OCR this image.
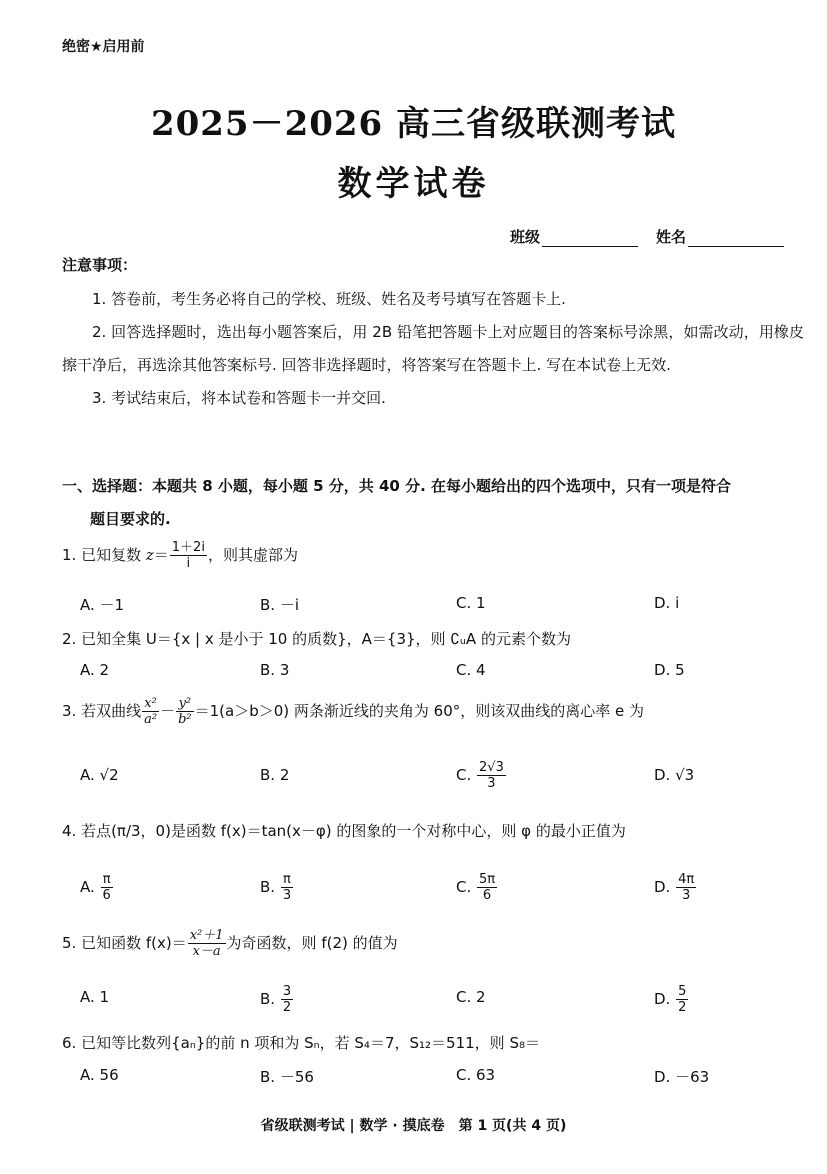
绝密★启用前
2025－2026 高三省级联测考试
数学试卷
班级	姓名
注意事项：

1. 答卷前，考生务必将自己的学校、班级、姓名及考号填写在答题卡上.

2. 回答选择题时，选出每小题答案后，用 2B 铅笔把答题卡上对应题目的答案标号涂黑，如需改动，用橡皮擦干净后，再选涂其他答案标号. 回答非选择题时，将答案写在答题卡上. 写在本试卷上无效.

3. 考试结束后，将本试卷和答题卡一并交回.

一、选择题：本题共 8 小题，每小题 5 分，共 40 分. 在每小题给出的四个选项中，只有一项是符合
题目要求的.
1. 已知复数 $z= \frac{1+2i}{i}$ ，则其虚部为
A. －1	B. －i	C. 1	D. i
2. 已知全集 U＝{x | x 是小于 10 的质数}，A＝{3}，则 ∁ᵤA 的元素个数为
A. 2	B. 3	C. 4	D. 5
3. 若双曲线 $\frac{\text{x²}}{\text{a²}} - \frac{\text{y²}}{\text{b²}} =1(a>b>0)$ 两条渐近线的夹角为 60°，则该双曲线的离心率 e 为
A. √2	B. 2	C. $\frac{2√3}{3}$	D. √3
4. 若点(π/3，0)是函数 f(x)＝tan(x－φ) 的图象的一个对称中心，则 φ 的最小正值为
A. $\frac{\pi}{6}$	B. $\frac{\pi}{3}$	C. $\frac{5\pi}{6}$	D. $\frac{4\pi}{3}$
5. 已知函数 $f(x)= \frac{\text{x²＋1}}{x-a}$ 为奇函数，则 f(2) 的值为
A. 1	B. $\frac{3}{2}$	C. 2	D. $\frac{5}{2}$
6. 已知等比数列{aₙ}的前 n 项和为 Sₙ，若 S₄＝7，S₁₂＝511，则 S₈＝
A. 56	B. －56	C. 63	D. －63
省级联测考试 | 数学 · 摸底卷　第 1 页(共 4 页)
